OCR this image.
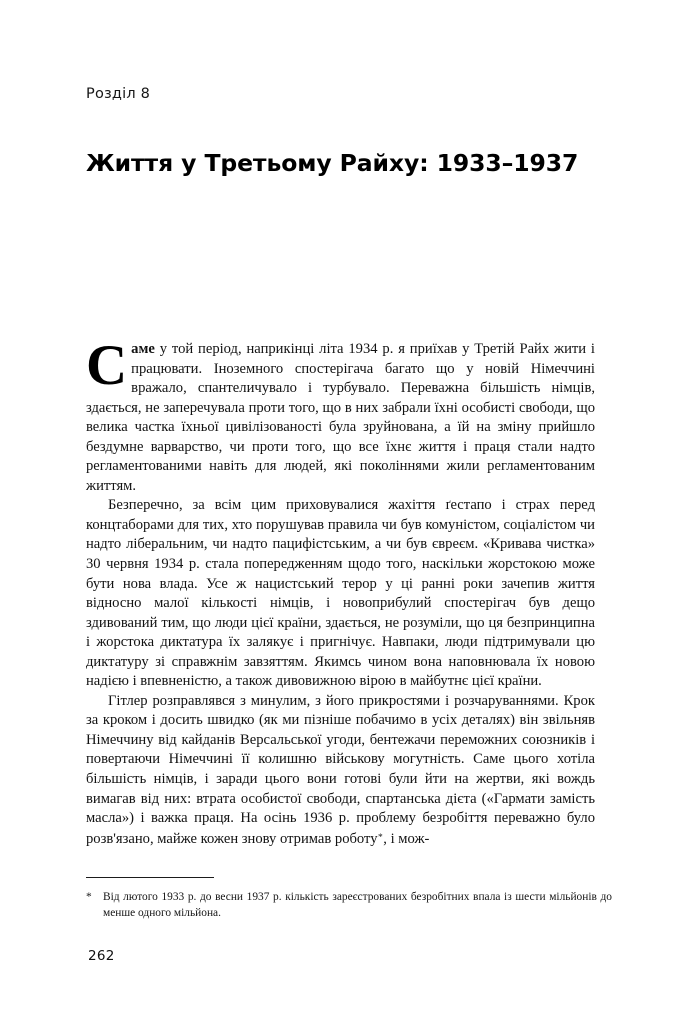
Розділ 8
Життя у Третьому Райху: 1933–1937

Саме у той період, наприкінці літа 1934 р. я приїхав у Третій Райх жити і працювати. Іноземного спостерігача багато що у новій Німеччині вражало, спантеличувало і турбувало. Переважна більшість німців, здається, не заперечувала проти того, що в них забрали їхні особисті свободи, що велика частка їхньої цивілізованості була зруйнована, а їй на зміну прийшло бездумне варварство, чи проти того, що все їхнє життя і праця стали надто регламентованими навіть для людей, які поколіннями жили регламентованим життям.

Безперечно, за всім цим приховувалися жахіття ґестапо і страх перед концтаборами для тих, хто порушував правила чи був комуністом, соціалістом чи надто ліберальним, чи надто пацифістським, а чи був євреєм. «Кривава чистка» 30 червня 1934 р. стала попередженням щодо того, наскільки жорстокою може бути нова влада. Усе ж нацистський терор у ці ранні роки зачепив життя відносно малої кількості німців, і новоприбулий спостерігач був дещо здивований тим, що люди цієї країни, здається, не розуміли, що ця безпринципна і жорстока диктатура їх залякує і пригнічує. Навпаки, люди підтримували цю диктатуру зі справжнім завзяттям. Якимсь чином вона наповнювала їх новою надією і впевненістю, а також дивовижною вірою в майбутнє цієї країни.

Гітлер розправлявся з минулим, з його прикростями і розчаруваннями. Крок за кроком і досить швидко (як ми пізніше побачимо в усіх деталях) він звільняв Німеччину від кайданів Версальської угоди, бентежачи переможних союзників і повертаючи Німеччині її колишню військову могутність. Саме цього хотіла більшість німців, і заради цього вони готові були йти на жертви, які вождь вимагав від них: втрата особистої свободи, спартанська дієта («Гармати замість масла») і важка праця. На осінь 1936 р. проблему безробіття переважно було розв'язано, майже кожен знову отримав роботу*, і мож-

* Від лютого 1933 р. до весни 1937 р. кількість зареєстрованих безробітних впала із шести мільйонів до менше одного мільйона.
262
